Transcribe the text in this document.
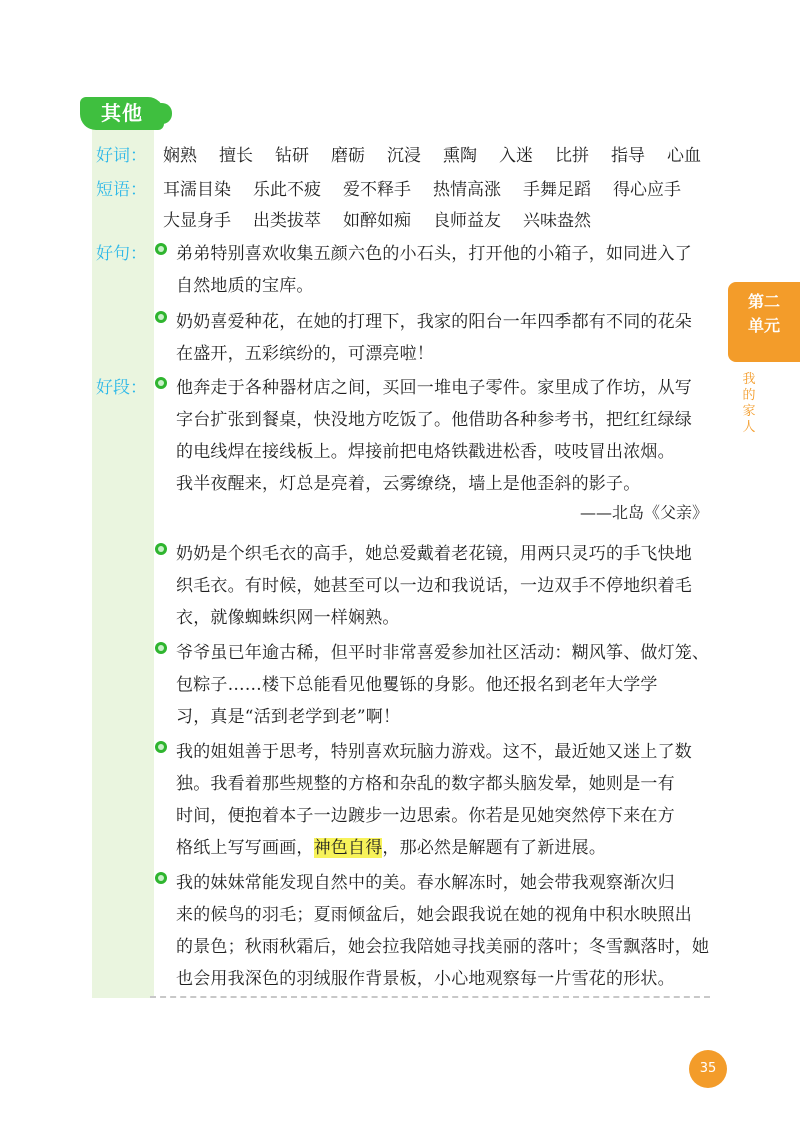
其他
好词： 娴熟 擅长 钻研 磨砺 沉浸 熏陶 入迷 比拼 指导 心血
短语： 耳濡目染 乐此不疲 爱不释手 热情高涨 手舞足蹈 得心应手
大显身手 出类拔萃 如醉如痴 良师益友 兴味盎然
好句： 弟弟特别喜欢收集五颜六色的小石头，打开他的小箱子，如同进入了
自然地质的宝库。
奶奶喜爱种花，在她的打理下，我家的阳台一年四季都有不同的花朵
在盛开，五彩缤纷的，可漂亮啦！
好段： 他奔走于各种器材店之间，买回一堆电子零件。家里成了作坊，从写
字台扩张到餐桌，快没地方吃饭了。他借助各种参考书，把红红绿绿
的电线焊在接线板上。焊接前把电烙铁戳进松香，吱吱冒出浓烟。
我半夜醒来，灯总是亮着，云雾缭绕，墙上是他歪斜的影子。
——北岛《父亲》
奶奶是个织毛衣的高手，她总爱戴着老花镜，用两只灵巧的手飞快地
织毛衣。有时候，她甚至可以一边和我说话，一边双手不停地织着毛
衣，就像蜘蛛织网一样娴熟。
爷爷虽已年逾古稀，但平时非常喜爱参加社区活动：糊风筝、做灯笼、
包粽子……楼下总能看见他矍铄的身影。他还报名到老年大学学
习，真是“活到老学到老”啊！
我的姐姐善于思考，特别喜欢玩脑力游戏。这不，最近她又迷上了数
独。我看着那些规整的方格和杂乱的数字都头脑发晕，她则是一有
时间，便抱着本子一边踱步一边思索。你若是见她突然停下来在方
格纸上写写画画，神色自得，那必然是解题有了新进展。
我的妹妹常能发现自然中的美。春水解冻时，她会带我观察渐次归
来的候鸟的羽毛；夏雨倾盆后，她会跟我说在她的视角中积水映照出
的景色；秋雨秋霜后，她会拉我陪她寻找美丽的落叶；冬雪飘落时，她
也会用我深色的羽绒服作背景板，小心地观察每一片雪花的形状。
第二
单元
我的家人
35
